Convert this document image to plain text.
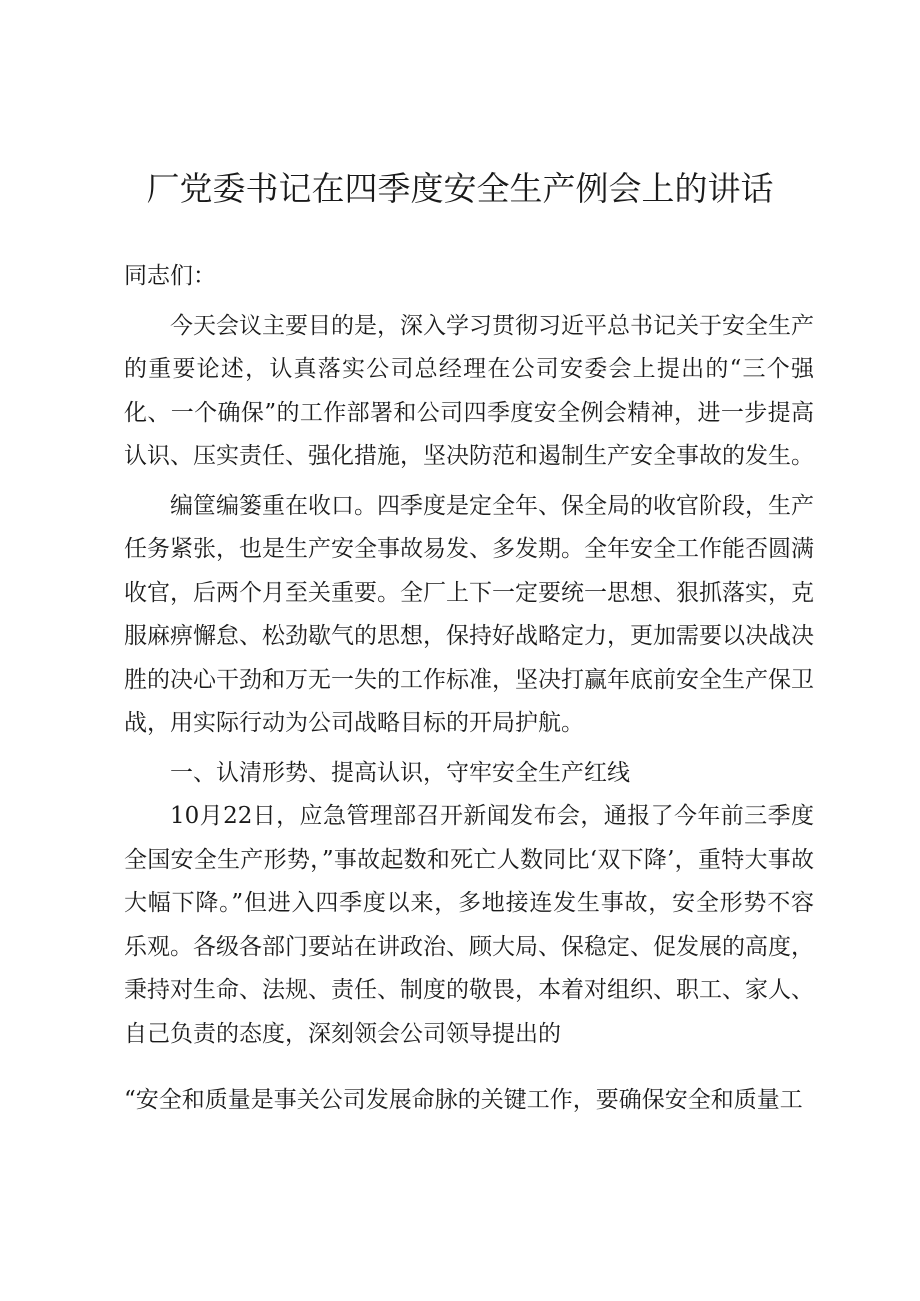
厂党委书记在四季度安全生产例会上的讲话

同志们：

今天会议主要目的是，深入学习贯彻习近平总书记关于安全生产的重要论述，认真落实公司总经理在公司安委会上提出的“三个强化、一个确保”的工作部署和公司四季度安全例会精神，进一步提高认识、压实责任、强化措施，坚决防范和遏制生产安全事故的发生。

编筐编篓重在收口。四季度是定全年、保全局的收官阶段，生产任务紧张，也是生产安全事故易发、多发期。全年安全工作能否圆满收官，后两个月至关重要。全厂上下一定要统一思想、狠抓落实，克服麻痹懈怠、松劲歇气的思想，保持好战略定力，更加需要以决战决胜的决心干劲和万无一失的工作标准，坚决打赢年底前安全生产保卫战，用实际行动为公司战略目标的开局护航。

一、认清形势、提高认识，守牢安全生产红线

10月22日，应急管理部召开新闻发布会，通报了今年前三季度全国安全生产形势，”事故起数和死亡人数同比‘双下降’，重特大事故大幅下降。”但进入四季度以来，多地接连发生事故，安全形势不容乐观。各级各部门要站在讲政治、顾大局、保稳定、促发展的高度，秉持对生命、法规、责任、制度的敬畏，本着对组织、职工、家人、自己负责的态度，深刻领会公司领导提出的

“安全和质量是事关公司发展命脉的关键工作，要确保安全和质量工
